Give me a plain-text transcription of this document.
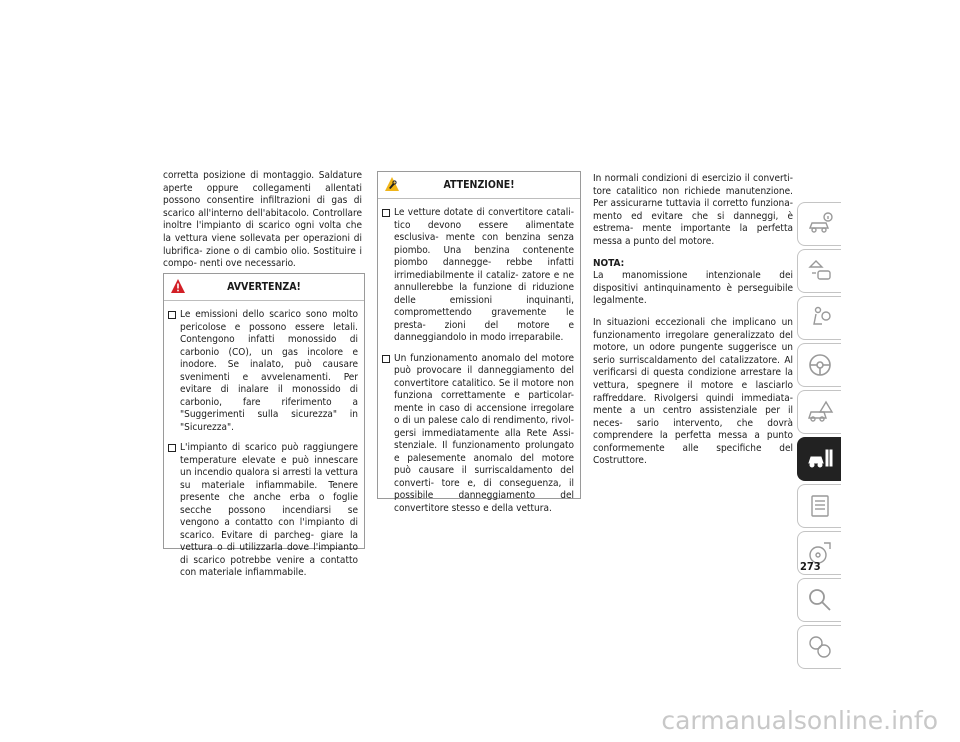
corretta posizione di montaggio. Saldature aperte oppure collegamenti allentati possono consentire infiltrazioni di gas di scarico all'interno dell'abitacolo. Controllare inoltre l'impianto di scarico ogni volta che la vettura viene sollevata per operazioni di lubrifica- zione o di cambio olio. Sostituire i compo- nenti ove necessario.

AVVERTENZA!
Le emissioni dello scarico sono molto pericolose e possono essere letali. Contengono infatti monossido di carbonio (CO), un gas incolore e inodore. Se inalato, può causare svenimenti e avvelenamenti. Per evitare di inalare il monossido di carbonio, fare riferimento a "Suggerimenti sulla sicurezza" in "Sicurezza".
L'impianto di scarico può raggiungere temperature elevate e può innescare un incendio qualora si arresti la vettura su materiale infiammabile. Tenere presente che anche erba o foglie secche possono incendiarsi se vengono a contatto con l'impianto di scarico. Evitare di parcheg- giare la vettura o di utilizzarla dove l'impianto di scarico potrebbe venire a contatto con materiale infiammabile.
ATTENZIONE!
Le vetture dotate di convertitore catali- tico devono essere alimentate esclusiva- mente con benzina senza piombo. Una benzina contenente piombo dannegge- rebbe infatti irrimediabilmente il cataliz- zatore e ne annullerebbe la funzione di riduzione delle emissioni inquinanti, compromettendo gravemente le presta- zioni del motore e danneggiandolo in modo irreparabile.
Un funzionamento anomalo del motore può provocare il danneggiamento del convertitore catalitico. Se il motore non funziona correttamente e particolar- mente in caso di accensione irregolare o di un palese calo di rendimento, rivol- gersi immediatamente alla Rete Assi- stenziale. Il funzionamento prolungato e palesemente anomalo del motore può causare il surriscaldamento del converti- tore e, di conseguenza, il possibile danneggiamento del convertitore stesso e della vettura.

In normali condizioni di esercizio il converti- tore catalitico non richiede manutenzione. Per assicurarne tuttavia il corretto funziona- mento ed evitare che si danneggi, è estrema- mente importante la perfetta messa a punto del motore.

NOTA:
La manomissione intenzionale dei dispositivi antinquinamento è perseguibile legalmente.

In situazioni eccezionali che implicano un funzionamento irregolare generalizzato del motore, un odore pungente suggerisce un serio surriscaldamento del catalizzatore. Al verificarsi di questa condizione arrestare la vettura, spegnere il motore e lasciarlo raffreddare. Rivolgersi quindi immediata- mente a un centro assistenziale per il neces- sario intervento, che dovrà comprendere la perfetta messa a punto conformemente alle specifiche del Costruttore.

273
carmanualsonline.info
